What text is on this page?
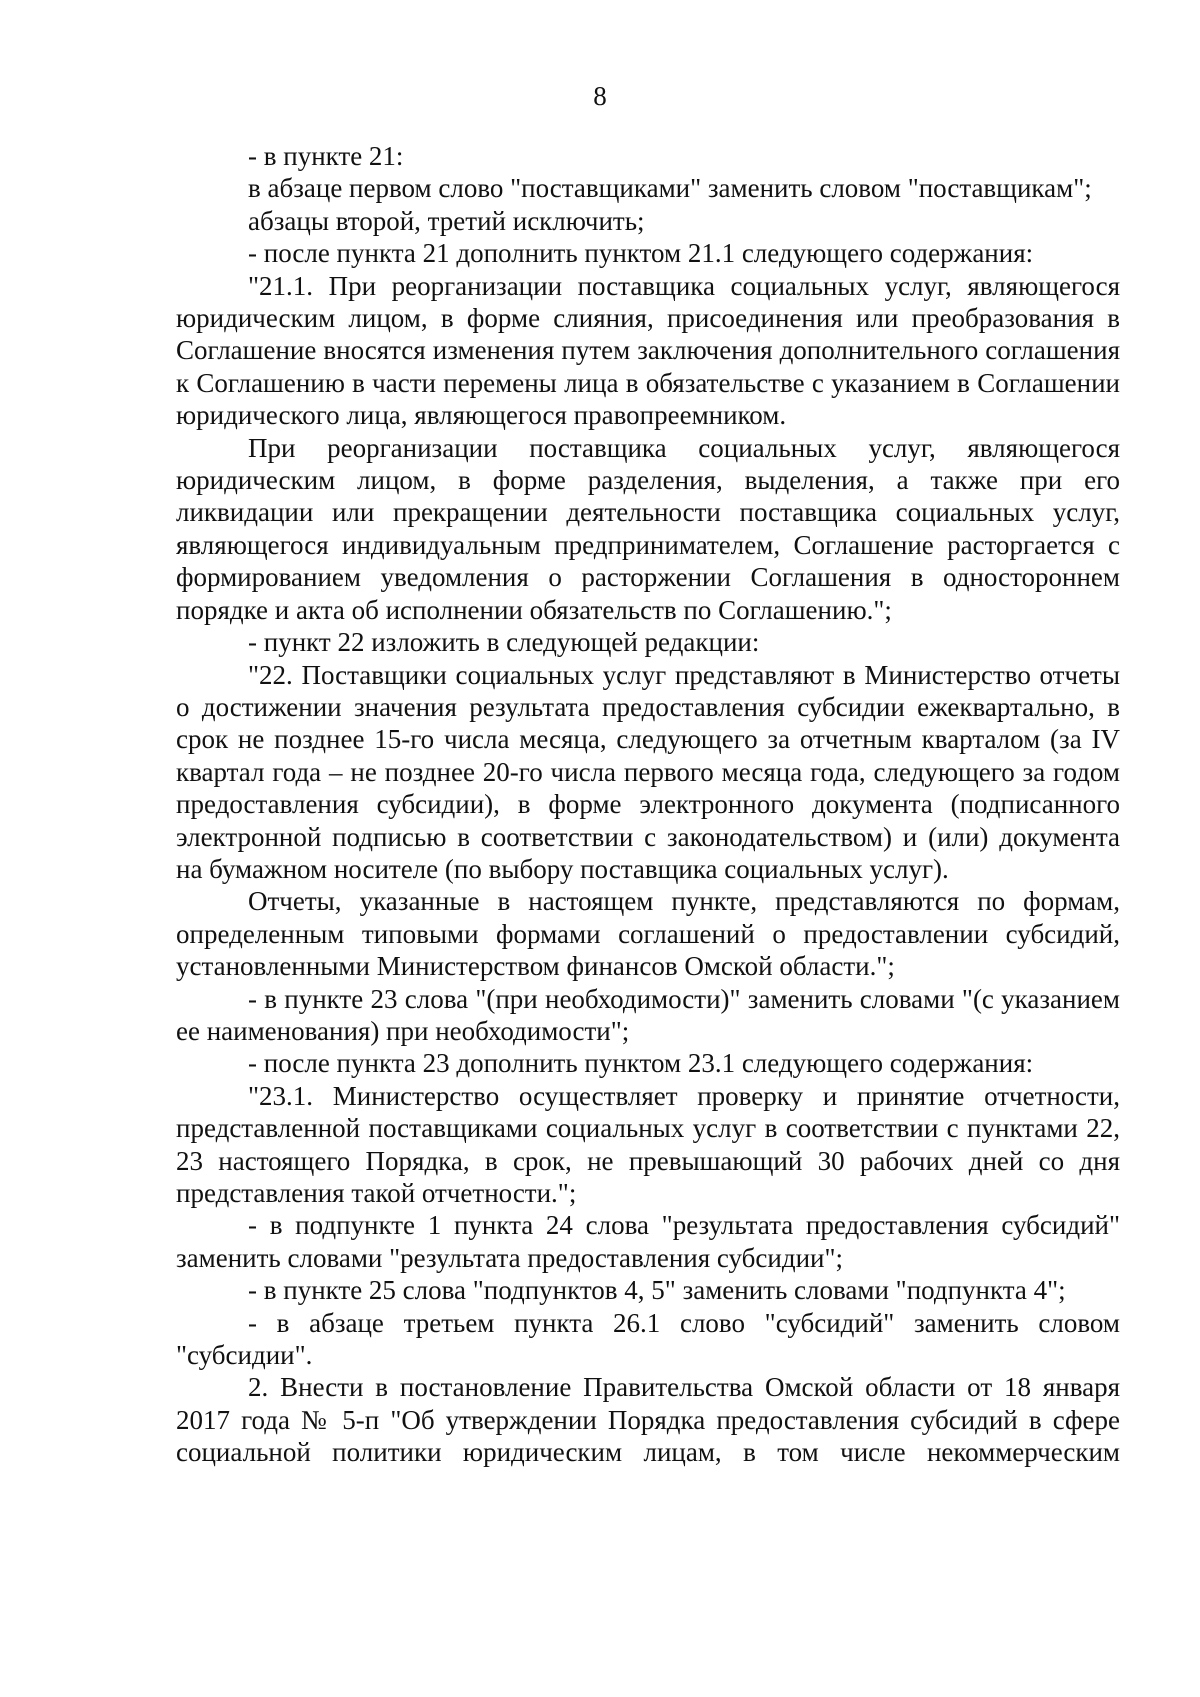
8

- в пункте 21:

в абзаце первом слово "поставщиками" заменить словом "поставщикам";

абзацы второй, третий исключить;

- после пункта 21 дополнить пунктом 21.1 следующего содержания:

"21.1. При реорганизации поставщика социальных услуг, являющегося юридическим лицом, в форме слияния, присоединения или преобразования в Соглашение вносятся изменения путем заключения дополнительного соглашения к Соглашению в части перемены лица в обязательстве с указанием в Соглашении юридического лица, являющегося правопреемником.

При реорганизации поставщика социальных услуг, являющегося юридическим лицом, в форме разделения, выделения, а также при его ликвидации или прекращении деятельности поставщика социальных услуг, являющегося индивидуальным предпринимателем, Соглашение расторгается с формированием уведомления о расторжении Соглашения в одностороннем порядке и акта об исполнении обязательств по Соглашению.";

- пункт 22 изложить в следующей редакции:

"22. Поставщики социальных услуг представляют в Министерство отчеты о достижении значения результата предоставления субсидии ежеквартально, в срок не позднее 15-го числа месяца, следующего за отчетным кварталом (за IV квартал года – не позднее 20-го числа первого месяца года, следующего за годом предоставления субсидии), в форме электронного документа (подписанного электронной подписью в соответствии с законодательством) и (или) документа на бумажном носителе (по выбору поставщика социальных услуг).

Отчеты, указанные в настоящем пункте, представляются по формам, определенным типовыми формами соглашений о предоставлении субсидий, установленными Министерством финансов Омской области.";

- в пункте 23 слова "(при необходимости)" заменить словами "(с указанием ее наименования) при необходимости";

- после пункта 23 дополнить пунктом 23.1 следующего содержания:

"23.1. Министерство осуществляет проверку и принятие отчетности, представленной поставщиками социальных услуг в соответствии с пунктами 22, 23 настоящего Порядка, в срок, не превышающий 30 рабочих дней со дня представления такой отчетности.";

- в подпункте 1 пункта 24 слова "результата предоставления субсидий" заменить словами "результата предоставления субсидии";

- в пункте 25 слова "подпунктов 4, 5" заменить словами "подпункта 4";

- в абзаце третьем пункта 26.1 слово "субсидий" заменить словом "субсидии".

2. Внести в постановление Правительства Омской области от 18 января 2017 года № 5-п "Об утверждении Порядка предоставления субсидий в сфере социальной политики юридическим лицам, в том числе некоммерческим
